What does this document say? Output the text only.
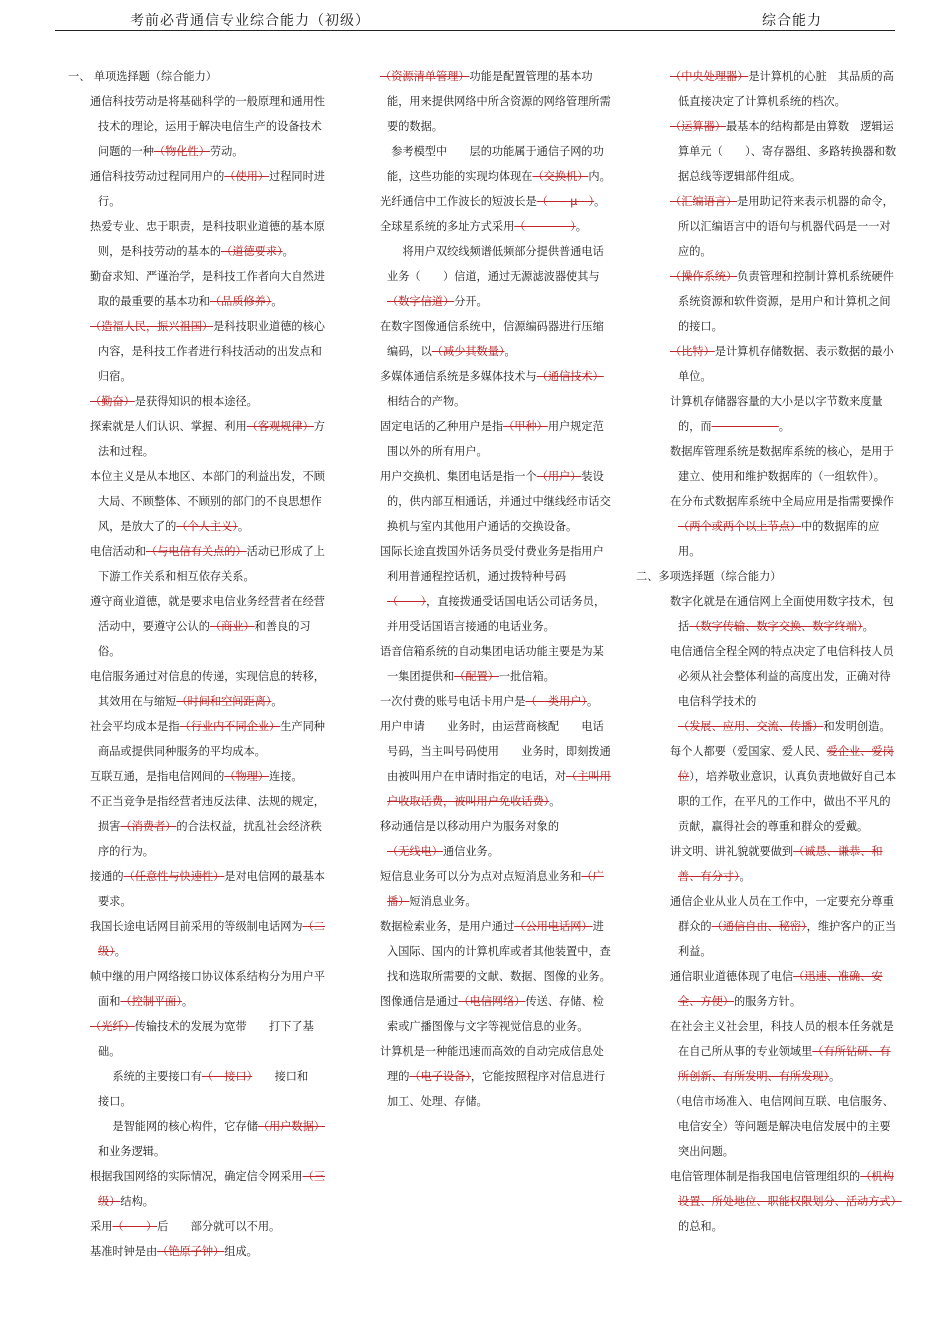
考前必背通信专业综合能力（初级）	综合能力

一、 单项选择题（综合能力）

通信科技劳动是将基础科学的一般原理和通用性技术的理论，运用于解决电信生产的设备技术问题的一种（物化性）劳动。

通信科技劳动过程同用户的（使用）过程同时进行。

热爱专业、忠于职责，是科技职业道德的基本原则，是科技劳动的基本的（道德要求）。

勤奋求知、严谨治学，是科技工作者向大自然进取的最重要的基本功和（品质修养）。

（造福人民，振兴祖国）是科技职业道德的核心内容，是科技工作者进行科技活动的出发点和归宿。

（勤奋）是获得知识的根本途径。

探索就是人们认识、掌握、利用（客观规律）方法和过程。

本位主义是从本地区、本部门的利益出发，不顾大局、不顾整体、不顾别的部门的不良思想作风，是放大了的（个人主义）。

电信活动和（与电信有关点的）活动已形成了上下游工作关系和相互依存关系。

遵守商业道德，就是要求电信业务经营者在经营活动中，要遵守公认的（商业）和善良的习俗。

电信服务通过对信息的传递，实现信息的转移，其效用在与缩短（时间和空间距离）。

社会平均成本是指（行业内不同企业）生产同种商品或提供同种服务的平均成本。

互联互通，是指电信网间的（物理）连接。

不正当竞争是指经营者违反法律、法规的规定，损害（消费者）的合法权益，扰乱社会经济秩序的行为。

接通的（任意性与快速性）是对电信网的最基本要求。

我国长途电话网目前采用的等级制电话网为（二级）。

帧中继的用户网络接口协议体系结构分为用户平面和（控制平面）。

（光纤）传输技术的发展为宽带　　打下了基础。

　　系统的主要接口有（　接口）　　接口和　　接口。

　　是智能网的核心构件，它存储（用户数据）和业务逻辑。

根据我国网络的实际情况，确定信令网采用（三级）结构。

采用（　　）后　　部分就可以不用。

基准时钟是由（铯原子钟）组成。

（资源清单管理）功能是配置管理的基本功能，用来提供网络中所含资源的网络管理所需要的数据。

　参考模型中　　层的功能属于通信子网的功能，这些功能的实现均体现在（交换机）内。

光纤通信中工作波长的短波长是（　　μ　）。

全球星系统的多址方式采用（　　　　）。

　　将用户双绞线频谱低频部分提供普通电话业务（　　）信道，通过无源滤波器使其与（数字信道）分开。

在数字图像通信系统中，信源编码器进行压缩编码，以（减少其数量）。

多媒体通信系统是多媒体技术与（通信技术）相结合的产物。

固定电话的乙种用户是指（甲种）用户规定范围以外的所有用户。

用户交换机、集团电话是指一个（用户）装设的，供内部互相通话，并通过中继线经市话交换机与室内其他用户通话的交换设备。

国际长途直拨国外话务员受付费业务是指用户利用普通程控话机，通过拨特种号码（　　），直接拨通受话国电话公司话务员，并用受话国语言接通的电话业务。

语音信箱系统的自动集团电话功能主要是为某一集团提供和（配置）一批信箱。

一次付费的账号电话卡用户是（　类用户）。

用户申请　　业务时，由运营商核配　　电话号码，当主叫号码使用　　业务时，即刻拨通由被叫用户在申请时指定的电话，对（主叫用户收取话费，被叫用户免收话费）。

移动通信是以移动用户为服务对象的（无线电）通信业务。

短信息业务可以分为点对点短消息业务和（广播）短消息业务。

数据检索业务，是用户通过（公用电话网）进入国际、国内的计算机库或者其他装置中，查找和选取所需要的文献、数据、图像的业务。

图像通信是通过（电信网络）传送、存储、检索或广播图像与文字等视觉信息的业务。

计算机是一种能迅速而高效的自动完成信息处理的（电子设备），它能按照程序对信息进行加工、处理、存储。

（中央处理器）是计算机的心脏　其品质的高低直接决定了计算机系统的档次。

（运算器）最基本的结构都是由算数　逻辑运算单元（　　）、寄存器组、多路转换器和数据总线等逻辑部件组成。

（汇编语言）是用助记符来表示机器的命令，所以汇编语言中的语句与机器代码是一一对应的。

（操作系统）负责管理和控制计算机系统硬件系统资源和软件资源，是用户和计算机之间的接口。

（比特）是计算机存储数据、表示数据的最小单位。

计算机存储器容量的大小是以字节数来度量的，而　　　　　　	。

数据库管理系统是数据库系统的核心，是用于建立、使用和维护数据库的（一组软件）。

在分布式数据库系统中全局应用是指需要操作（两个或两个以上节点）中的数据库的应用。

二、多项选择题（综合能力）

数字化就是在通信网上全面使用数字技术，包括（数字传输、数字交换、数字终端）。

电信通信全程全网的特点决定了电信科技人员必须从社会整体利益的高度出发，正确对待电信科学技术的（发展、应用、交流、传播）和发明创造。

每个人都要（爱国家、爱人民、爱企业、爱岗位），培养敬业意识，认真负责地做好自己本职的工作，在平凡的工作中，做出不平凡的贡献，赢得社会的尊重和群众的爱戴。

讲文明、讲礼貌就要做到（诚恳、谦恭、和善、有分寸）。

通信企业从业人员在工作中，一定要充分尊重群众的（通信自由、秘密），维护客户的正当利益。

通信职业道德体现了电信（迅速、准确、安全、方便）的服务方针。

在社会主义社会里，科技人员的根本任务就是在自己所从事的专业领域里（有所钻研、有所创新、有所发明、有所发现）。

（电信市场准入、电信网间互联、电信服务、电信安全）等问题是解决电信发展中的主要突出问题。

电信管理体制是指我国电信管理组织的（机构设置、所处地位、职能权限划分、活动方式）的总和。
